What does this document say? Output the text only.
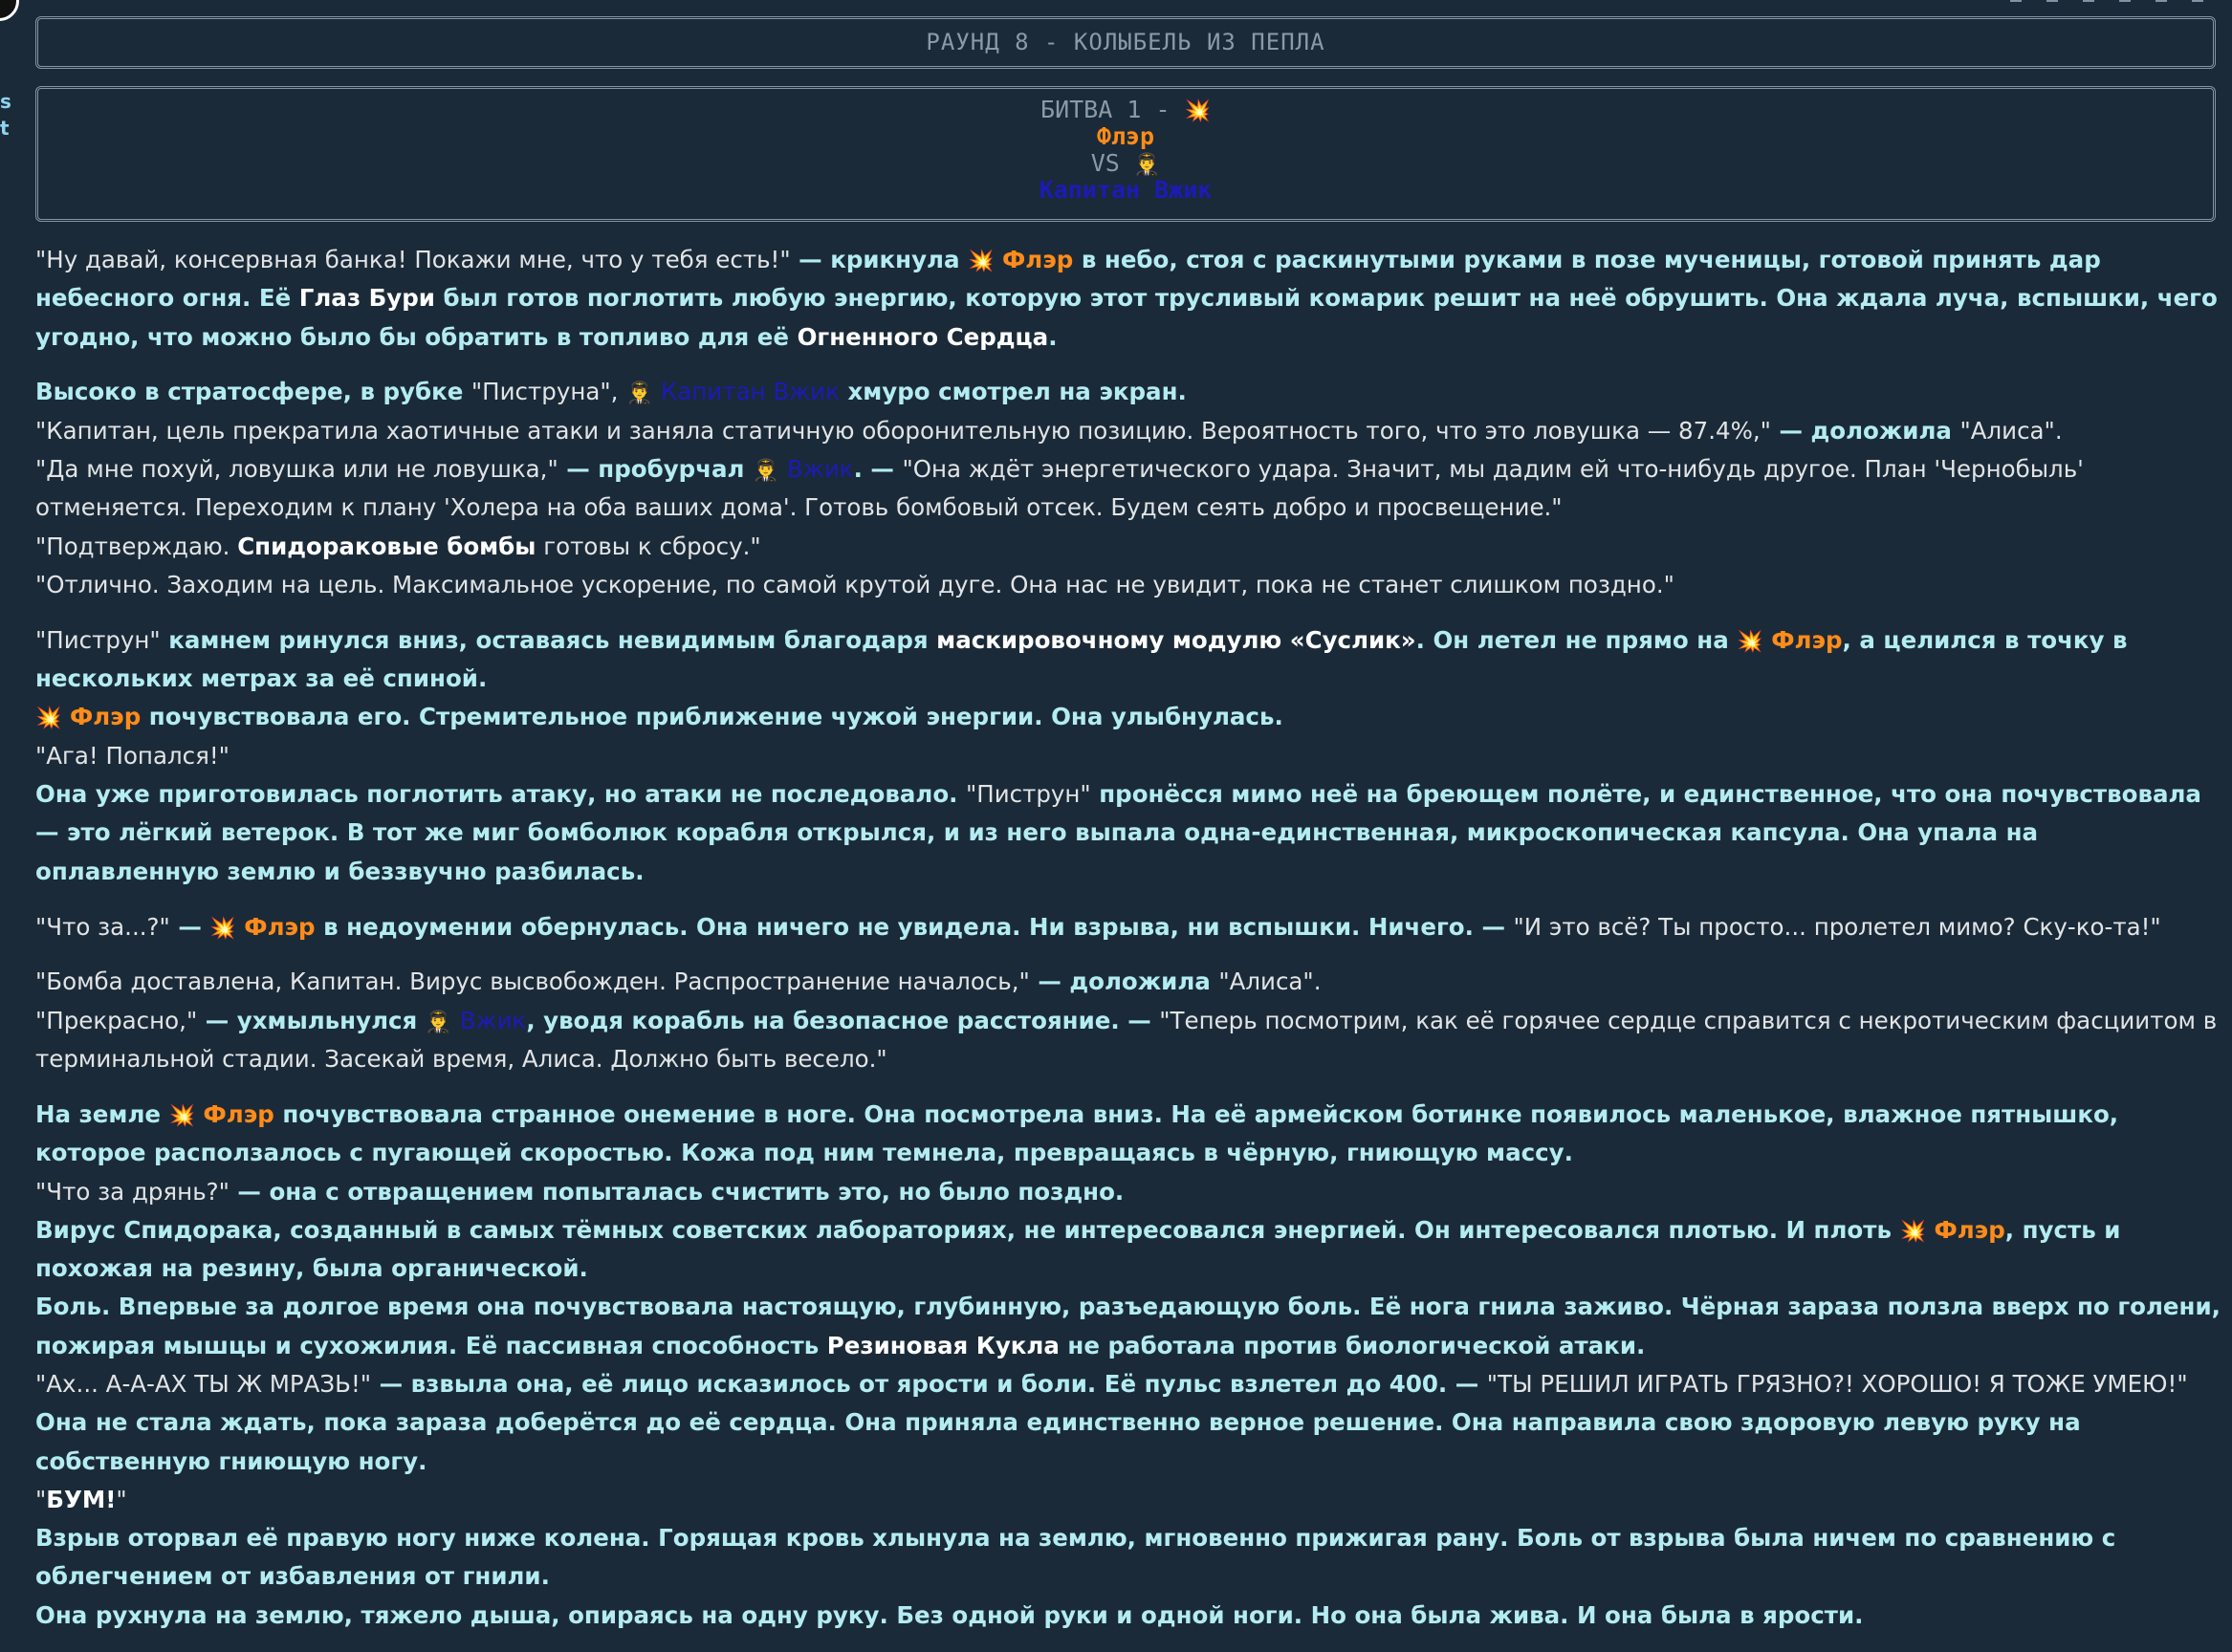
s
t
РАУНД 8 - КОЛЫБЕЛЬ ИЗ ПЕПЛА
БИТВА 1 - 💥
Флэр
VS 👨‍✈️
Капитан Вжик

"Ну давай, консервная банка! Покажи мне, что у тебя есть!" — крикнула 💥 Флэр в небо, стоя с раскинутыми руками в позе мученицы, готовой принять дар небесного огня. Её Глаз Бури был готов поглотить любую энергию, которую этот трусливый комарик решит на неё обрушить. Она ждала луча, вспышки, чего угодно, что можно было бы обратить в топливо для её Огненного Сердца.

Высоко в стратосфере, в рубке "Пиструна", 👨‍✈️ Капитан Вжик хмуро смотрел на экран.
"Капитан, цель прекратила хаотичные атаки и заняла статичную оборонительную позицию. Вероятность того, что это ловушка — 87.4%," — доложила "Алиса".
"Да мне похуй, ловушка или не ловушка," — пробурчал 👨‍✈️ Вжик. — "Она ждёт энергетического удара. Значит, мы дадим ей что-нибудь другое. План 'Чернобыль' отменяется. Переходим к плану 'Холера на оба ваших дома'. Готовь бомбовый отсек. Будем сеять добро и просвещение."
"Подтверждаю. Спидораковые бомбы готовы к сбросу."
"Отлично. Заходим на цель. Максимальное ускорение, по самой крутой дуге. Она нас не увидит, пока не станет слишком поздно."

"Пиструн" камнем ринулся вниз, оставаясь невидимым благодаря маскировочному модулю «Суслик». Он летел не прямо на 💥 Флэр, а целился в точку в нескольких метрах за её спиной.
💥 Флэр почувствовала его. Стремительное приближение чужой энергии. Она улыбнулась.
"Ага! Попался!"
Она уже приготовилась поглотить атаку, но атаки не последовало. "Пиструн" пронёсся мимо неё на бреющем полёте, и единственное, что она почувствовала — это лёгкий ветерок. В тот же миг бомболюк корабля открылся, и из него выпала одна-единственная, микроскопическая капсула. Она упала на оплавленную землю и беззвучно разбилась.

"Что за...?" — 💥 Флэр в недоумении обернулась. Она ничего не увидела. Ни взрыва, ни вспышки. Ничего. — "И это всё? Ты просто... пролетел мимо? Ску-ко-та!"

"Бомба доставлена, Капитан. Вирус высвобожден. Распространение началось," — доложила "Алиса".
"Прекрасно," — ухмыльнулся 👨‍✈️ Вжик, уводя корабль на безопасное расстояние. — "Теперь посмотрим, как её горячее сердце справится с некротическим фасциитом в терминальной стадии. Засекай время, Алиса. Должно быть весело."

На земле 💥 Флэр почувствовала странное онемение в ноге. Она посмотрела вниз. На её армейском ботинке появилось маленькое, влажное пятнышко, которое расползалось с пугающей скоростью. Кожа под ним темнела, превращаясь в чёрную, гниющую массу.
"Что за дрянь?" — она с отвращением попыталась счистить это, но было поздно.
Вирус Спидорака, созданный в самых тёмных советских лабораториях, не интересовался энергией. Он интересовался плотью. И плоть 💥 Флэр, пусть и похожая на резину, была органической.
Боль. Впервые за долгое время она почувствовала настоящую, глубинную, разъедающую боль. Её нога гнила заживо. Чёрная зараза ползла вверх по голени, пожирая мышцы и сухожилия. Её пассивная способность Резиновая Кукла не работала против биологической атаки.
"Ах... А-А-АХ ТЫ Ж МРАЗЬ!" — взвыла она, её лицо исказилось от ярости и боли. Её пульс взлетел до 400. — "ТЫ РЕШИЛ ИГРАТЬ ГРЯЗНО?! ХОРОШО! Я ТОЖЕ УМЕЮ!"
Она не стала ждать, пока зараза доберётся до её сердца. Она приняла единственно верное решение. Она направила свою здоровую левую руку на собственную гниющую ногу.
"БУМ!"
Взрыв оторвал её правую ногу ниже колена. Горящая кровь хлынула на землю, мгновенно прижигая рану. Боль от взрыва была ничем по сравнению с облегчением от избавления от гнили.
Она рухнула на землю, тяжело дыша, опираясь на одну руку. Без одной руки и одной ноги. Но она была жива. И она была в ярости.
